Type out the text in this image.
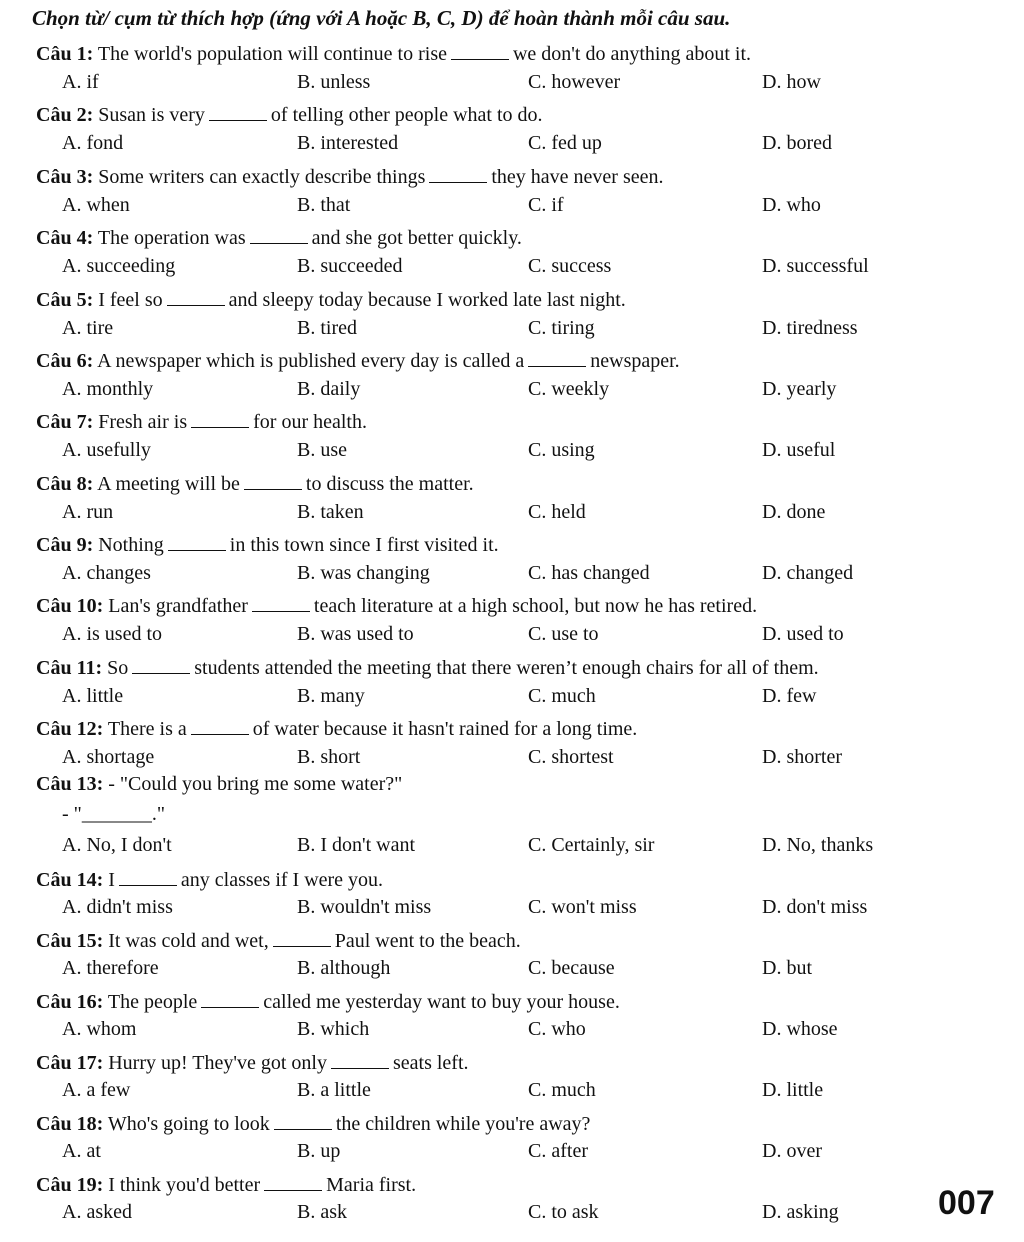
Chọn từ/ cụm từ thích hợp (ứng với A hoặc B, C, D) để hoàn thành mỗi câu sau.
Câu 1: The world's population will continue to rise	we don't do anything about it.
A. if	B. unless	C. however	D. how
Câu 2: Susan is very	of telling other people what to do.
A. fond	B. interested	C. fed up	D. bored
Câu 3: Some writers can exactly describe things	they have never seen.
A. when	B. that	C. if	D. who
Câu 4: The operation was	and she got better quickly.
A. succeeding	B. succeeded	C. success	D. successful
Câu 5: I feel so	and sleepy today because I worked late last night.
A. tire	B. tired	C. tiring	D. tiredness
Câu 6: A newspaper which is published every day is called a	newspaper.
A. monthly	B. daily	C. weekly	D. yearly
Câu 7: Fresh air is	for our health.
A. usefully	B. use	C. using	D. useful
Câu 8: A meeting will be	to discuss the matter.
A. run	B. taken	C. held	D. done
Câu 9: Nothing	in this town since I first visited it.
A. changes	B. was changing	C. has changed	D. changed
Câu 10: Lan's grandfather	teach literature at a high school, but now he has retired.
A. is used to	B. was used to	C. use to	D. used to
Câu 11: So	students attended the meeting that there weren’t enough chairs for all of them.
A. little	B. many	C. much	D. few
Câu 12: There is a	of water because it hasn't rained for a long time.
A. shortage	B. short	C. shortest	D. shorter
Câu 13: - "Could you bring me some water?"
- "_______."
A. No, I don't	B. I don't want	C. Certainly, sir	D. No, thanks
Câu 14: I	any classes if I were you.
A. didn't miss	B. wouldn't miss	C. won't miss	D. don't miss
Câu 15: It was cold and wet,	Paul went to the beach.
A. therefore	B. although	C. because	D. but
Câu 16: The people	called me yesterday want to buy your house.
A. whom	B. which	C. who	D. whose
Câu 17: Hurry up! They've got only	seats left.
A. a few	B. a little	C. much	D. little
Câu 18: Who's going to look	the children while you're away?
A. at	B. up	C. after	D. over
Câu 19: I think you'd better	Maria first.
A. asked	B. ask	C. to ask	D. asking	007
